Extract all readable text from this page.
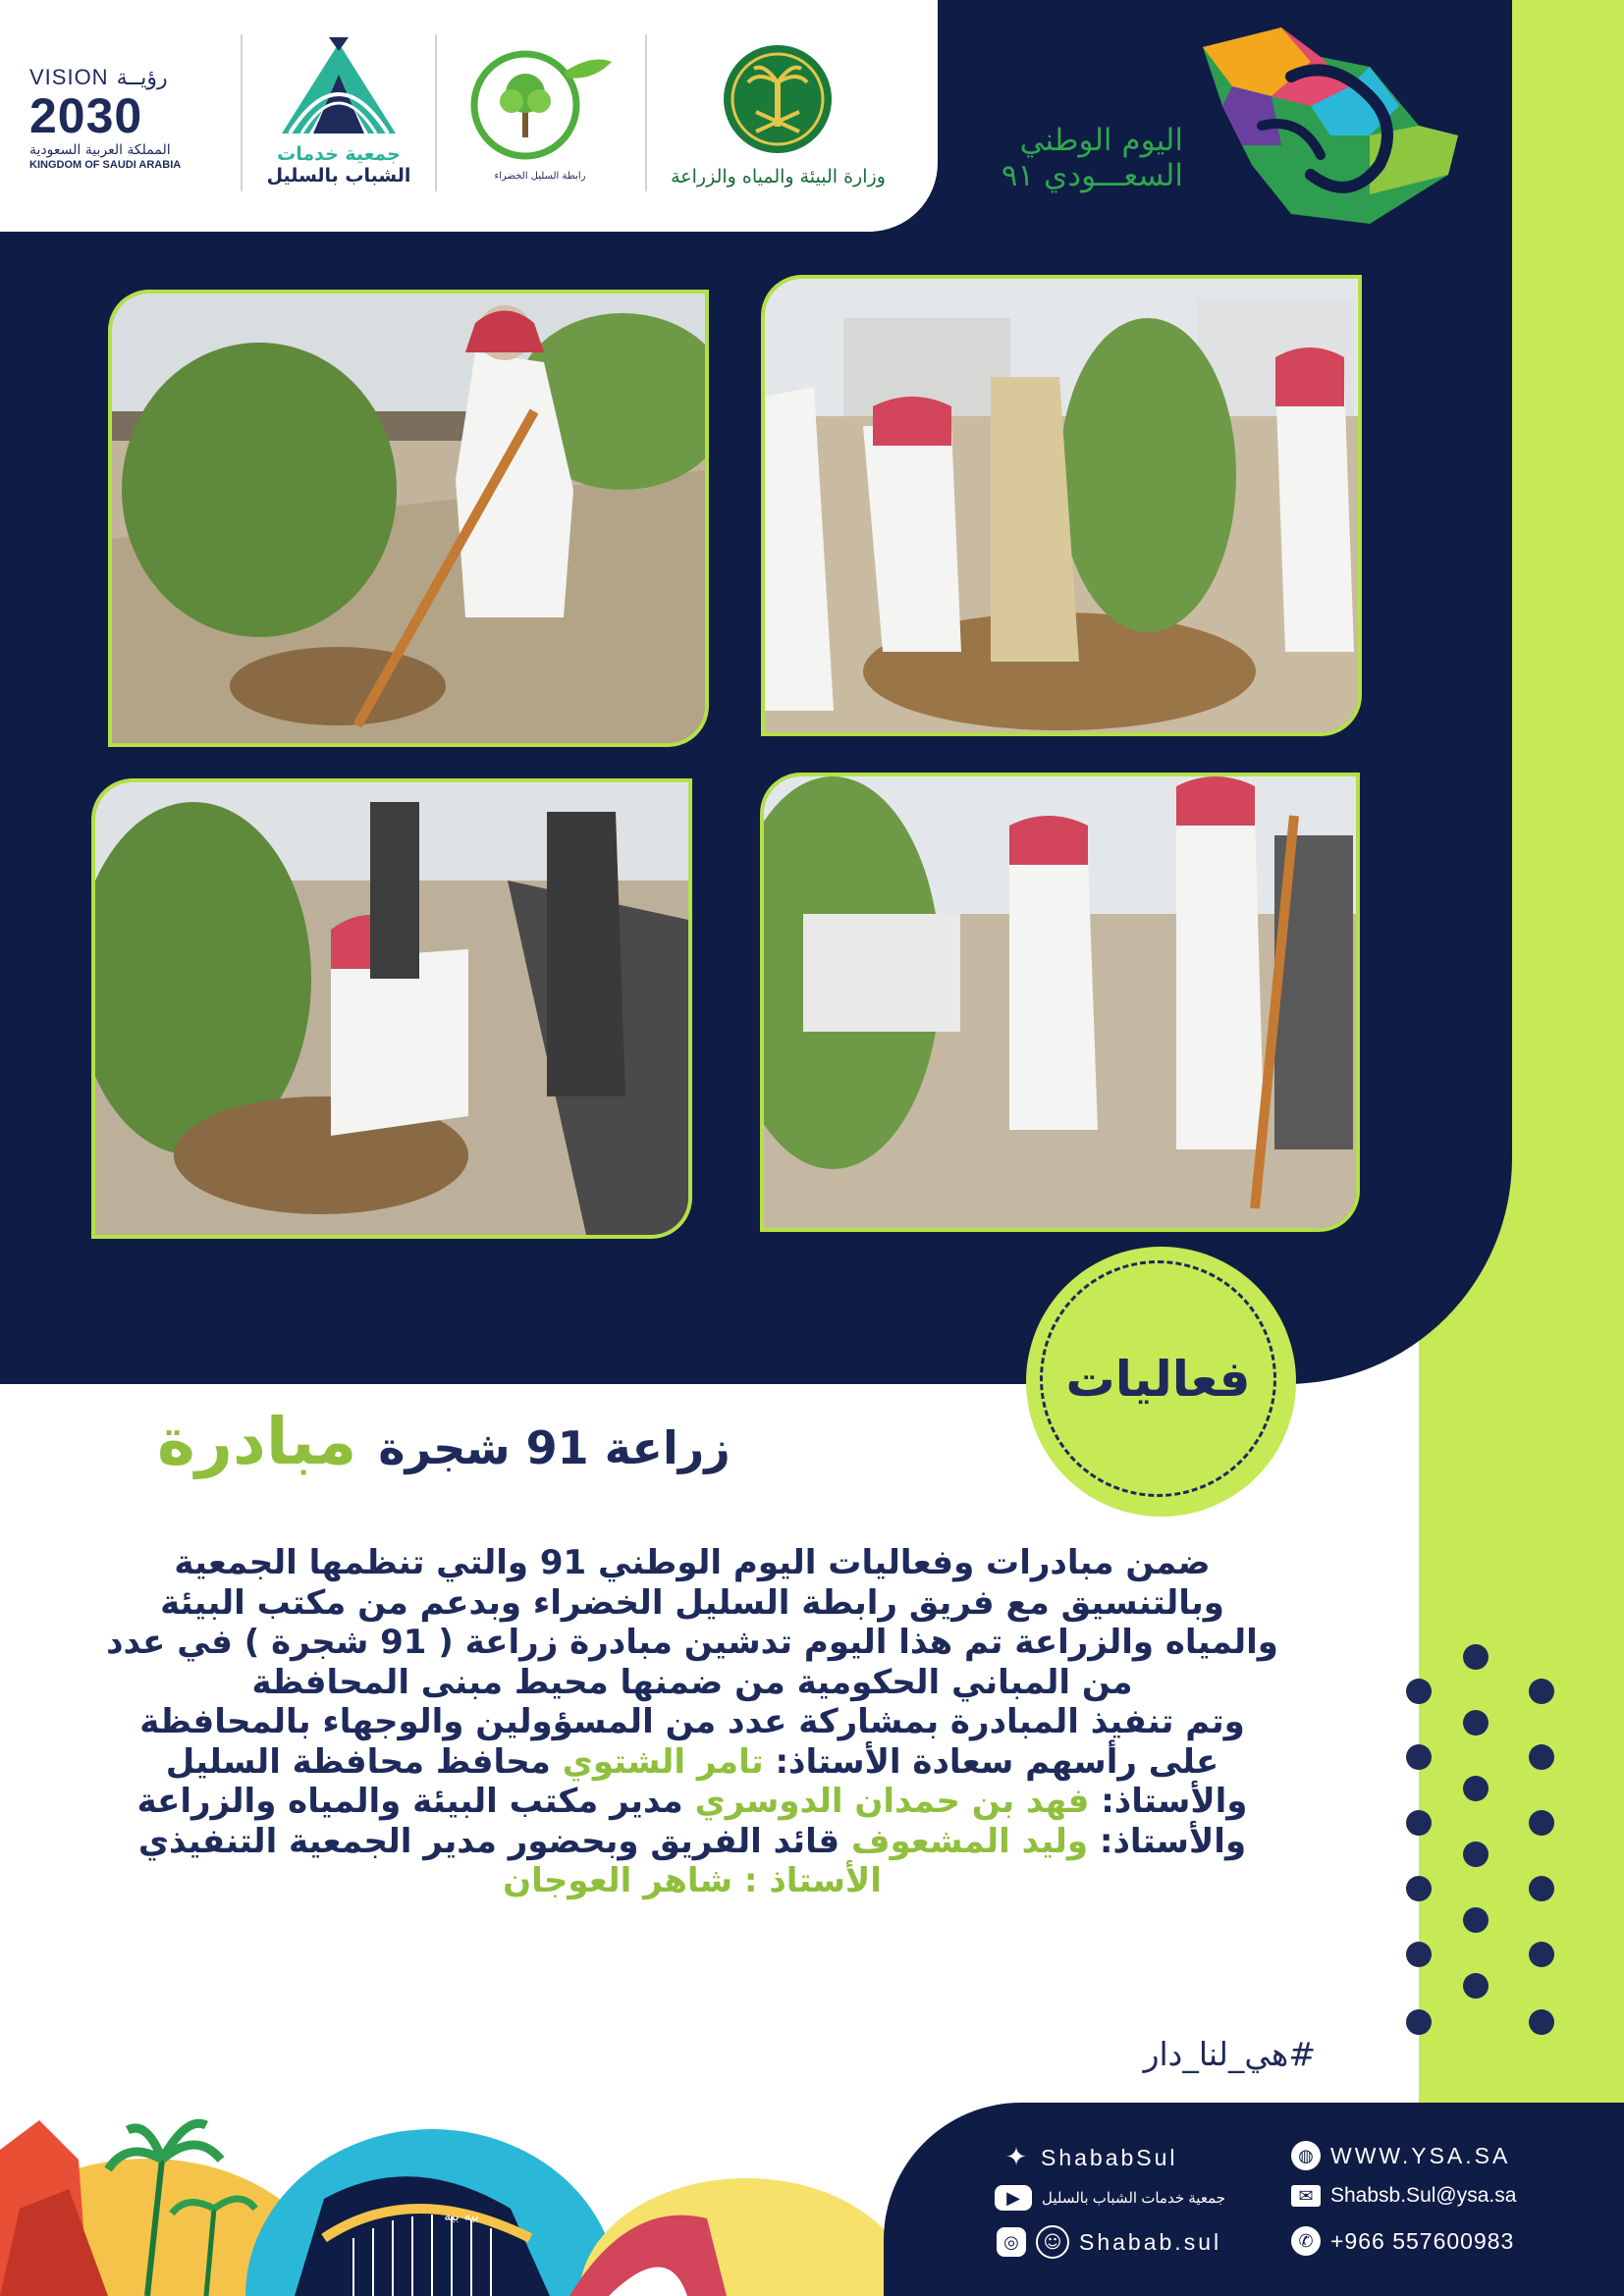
VISION رؤيــة
2030
المملكة العربية السعودية
KINGDOM OF SAUDI ARABIA
جمعية خدمات
الشباب بالسليل	رابطة السليل الخضراء	وزارة البيئة والمياه والزراعة
اليوم الوطني
السعـــودي ٩١
فعاليات
مبادرة زراعة 91 شجرة
ضمن مبادرات وفعاليات اليوم الوطني 91 والتي تنظمها الجمعية
وبالتنسيق مع فريق رابطة السليل الخضراء وبدعم من مكتب البيئة
والمياه والزراعة تم هذا اليوم تدشين مبادرة زراعة ( 91 شجرة ) في عدد
من المباني الحكومية من ضمنها محيط مبنى المحافظة
وتم تنفيذ المبادرة بمشاركة عدد من المسؤولين والوجهاء بالمحافظة
على رأسهم سعادة الأستاذ: تامر الشتوي محافظ محافظة السليل
والأستاذ: فهد بن حمدان الدوسري مدير مكتب البيئة والمياه والزراعة
والأستاذ: وليد المشعوف قائد الفريق وبحضور مدير الجمعية التنفيذي
الأستاذ : شاهر العوجان
#هي_لنا_دار
بيه بيه
✦ ShababSul
▶	جمعية خدمات الشباب بالسليل
◎	☺ Shabab.sul
◍ WWW.YSA.SA
✉ Shabsb.Sul@ysa.sa
✆ +966 557600983
